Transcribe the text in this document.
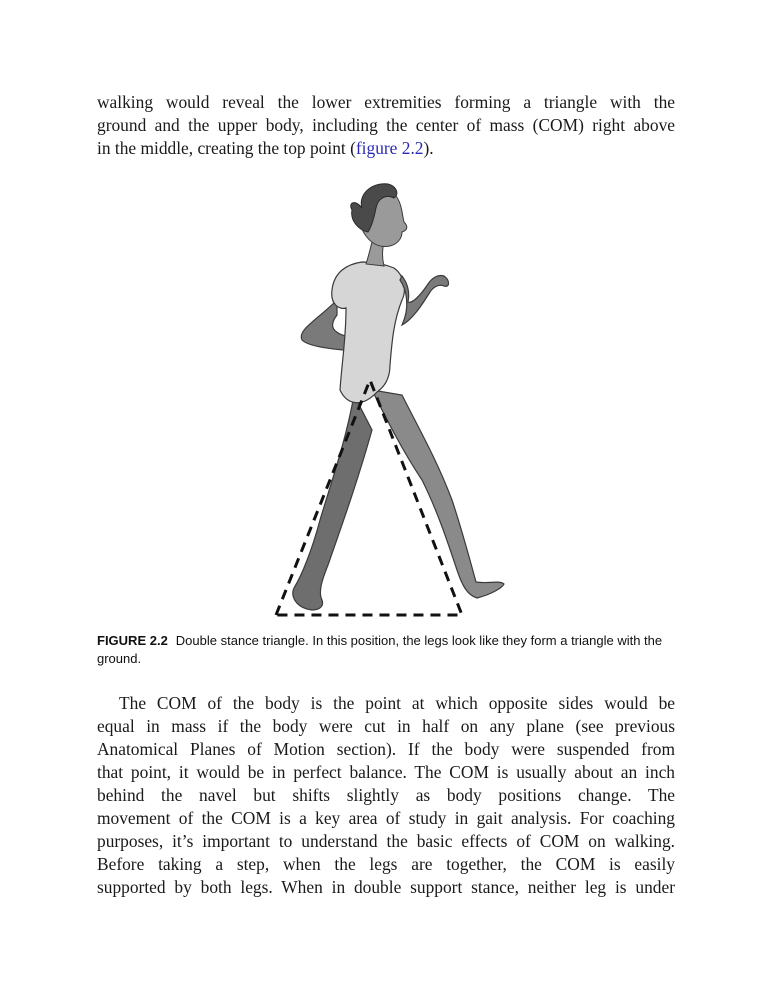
walking would reveal the lower extremities forming a triangle with the
ground and the upper body, including the center of mass (COM) right above
in the middle, creating the top point (figure 2.2).
FIGURE 2.2 Double stance triangle. In this position, the legs look like they form a triangle with the ground.
The COM of the body is the point at which opposite sides would be
equal in mass if the body were cut in half on any plane (see previous
Anatomical Planes of Motion section). If the body were suspended from
that point, it would be in perfect balance. The COM is usually about an inch
behind the navel but shifts slightly as body positions change. The
movement of the COM is a key area of study in gait analysis. For coaching
purposes, it’s important to understand the basic effects of COM on walking.
Before taking a step, when the legs are together, the COM is easily
supported by both legs. When in double support stance, neither leg is under
